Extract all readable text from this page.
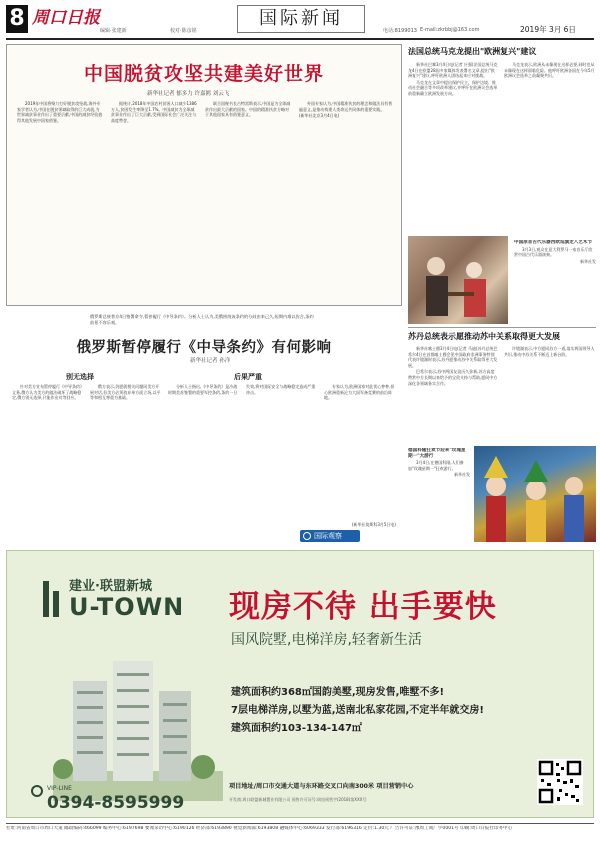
8 周口日报
编辑·张建新	校对·陈彦铭
国际新闻
电话:8199013 E-mail:zkrbbj@163.com	2019年 3月 6日
中国脱贫攻坚共建美好世界
新华社记者 郁多力 许嘉鸥 刘云飞

2019年中国将聚力打好脱贫攻坚战,海外专家学者认为,中国在脱贫领域取得的巨大成就,为世界减贫事业作出了重要贡献,中国的减贫经验值得其他发展中国家借鉴。

据统计,2018年中国农村贫困人口减少1386万人,贫困发生率降至1.7%。中国减贫为全球减贫事业作出了巨大贡献,受到国际社会广泛关注与高度赞誉。

联合国秘书长古特雷斯表示,中国是为全球减贫作出最大贡献的国家。中国的精准扶贫方略对于其他国家具有借鉴意义。

外国专家认为,中国精准扶贫的理念和做法具有普遍意义,是推动构建人类命运共同体的重要实践。

(新华社北京3月4日电)

法国总统马克龙提出"欧洲复兴"建议

新华社巴黎3月4日电(记者 应强)法国总统马克龙4日在欧盟28国多家媒体发表署名文章,提出"欧洲复兴"建议,呼吁欧洲人团结起来应对挑战。

马克龙在文章中提出保护民主、保护边境、推动社会融合等多项改革建议,并呼吁在欧洲议会选举前重新确立欧洲发展方向。

马克龙表示,欧洲从未像现在这样必要,同时也从未像现在这样面临危险。他呼吁欧洲各国在今年5月欧洲议会选举之前凝聚共识。

中国原音古代乐器西欧巡演走入艺术节

3月3日,观众在意大利罗马一家音乐厅欣赏中国古代乐器演奏。

新华社发

苏丹总统表示愿推动苏中关系取得更大发展

新华社喀土穆3月4日电(记者 马迪)苏丹总统巴希尔4日在首都喀土穆会见中国政府非洲事务特别代表许镜湖时表示,苏丹愿推动苏中关系取得更大发展。

巴希尔表示,苏中两国友谊历久弥新,苏方高度赞赏中方长期以来给予的宝贵支持与帮助,愿同中方深化各领域务实合作。

许镜湖表示,中方愿同苏方一道,落实两国领导人共识,推动中苏关系不断迈上新台阶。

德国科隆狂欢节迎来"玫瑰星期一"大游行

3月4日,在德国科隆,人们参加"玫瑰星期一"狂欢游行。

新华社发

俄罗斯总统普京4日签署命令,暂停履行《中导条约》。分析人士认为,美俄围绕该条约的分歧由来已久,短期内难以弥合,条约前景不容乐观。

俄罗斯暂停履行《中导条约》有何影响
新华社记者 孙洋
别无选择

针对美方宣布暂停履行《中导条约》义务,俄方认为美方的做法破坏了战略稳定,俄方别无选择,只能作出对等回应。

俄方表示,仍愿就相关问题同美方开展对话,但美方必须放弃单方面立场,以平等和相互尊重为基础。

后果严重

分析人士指出,《中导条约》是冷战时期美苏签署的重要军控条约,条约一旦失效,将对国际安全与战略稳定造成严重冲击。

专家认为,欧洲国家对此忧心忡忡,担心欧洲重新沦为大国军备竞赛的前沿阵地。

(新华社莫斯科3月5日电)
国际观察
建业·联盟新城
U-TOWN 现房不待 出手要快
国风院墅,电梯洋房,轻奢新生活
建筑面积约368㎡国韵美墅,现房发售,唯墅不多!
7层电梯洋房,以墅为蓝,送南北私家花园,不定半年就交房!
建筑面积约103-134-147㎡
VIP-LINE
0394-8595999
项目地址/周口市交通大道与东环路交叉口向南300米 项目营销中心
开发商:周口联盟新城置业有限公司 预售许可证号:周房预售字(2018)第XXX号
社址:河南省周口市周口大道 邮政编码:466099 编务中心:6197698 要闻采访中心:6190126 经济部:6193890 视觉新闻部:6193808 融媒体中心:6069333 发行部:6196316 定价:1.30元 广告许可证:豫周工商广字0001号 印刷:周口日报社印务中心
